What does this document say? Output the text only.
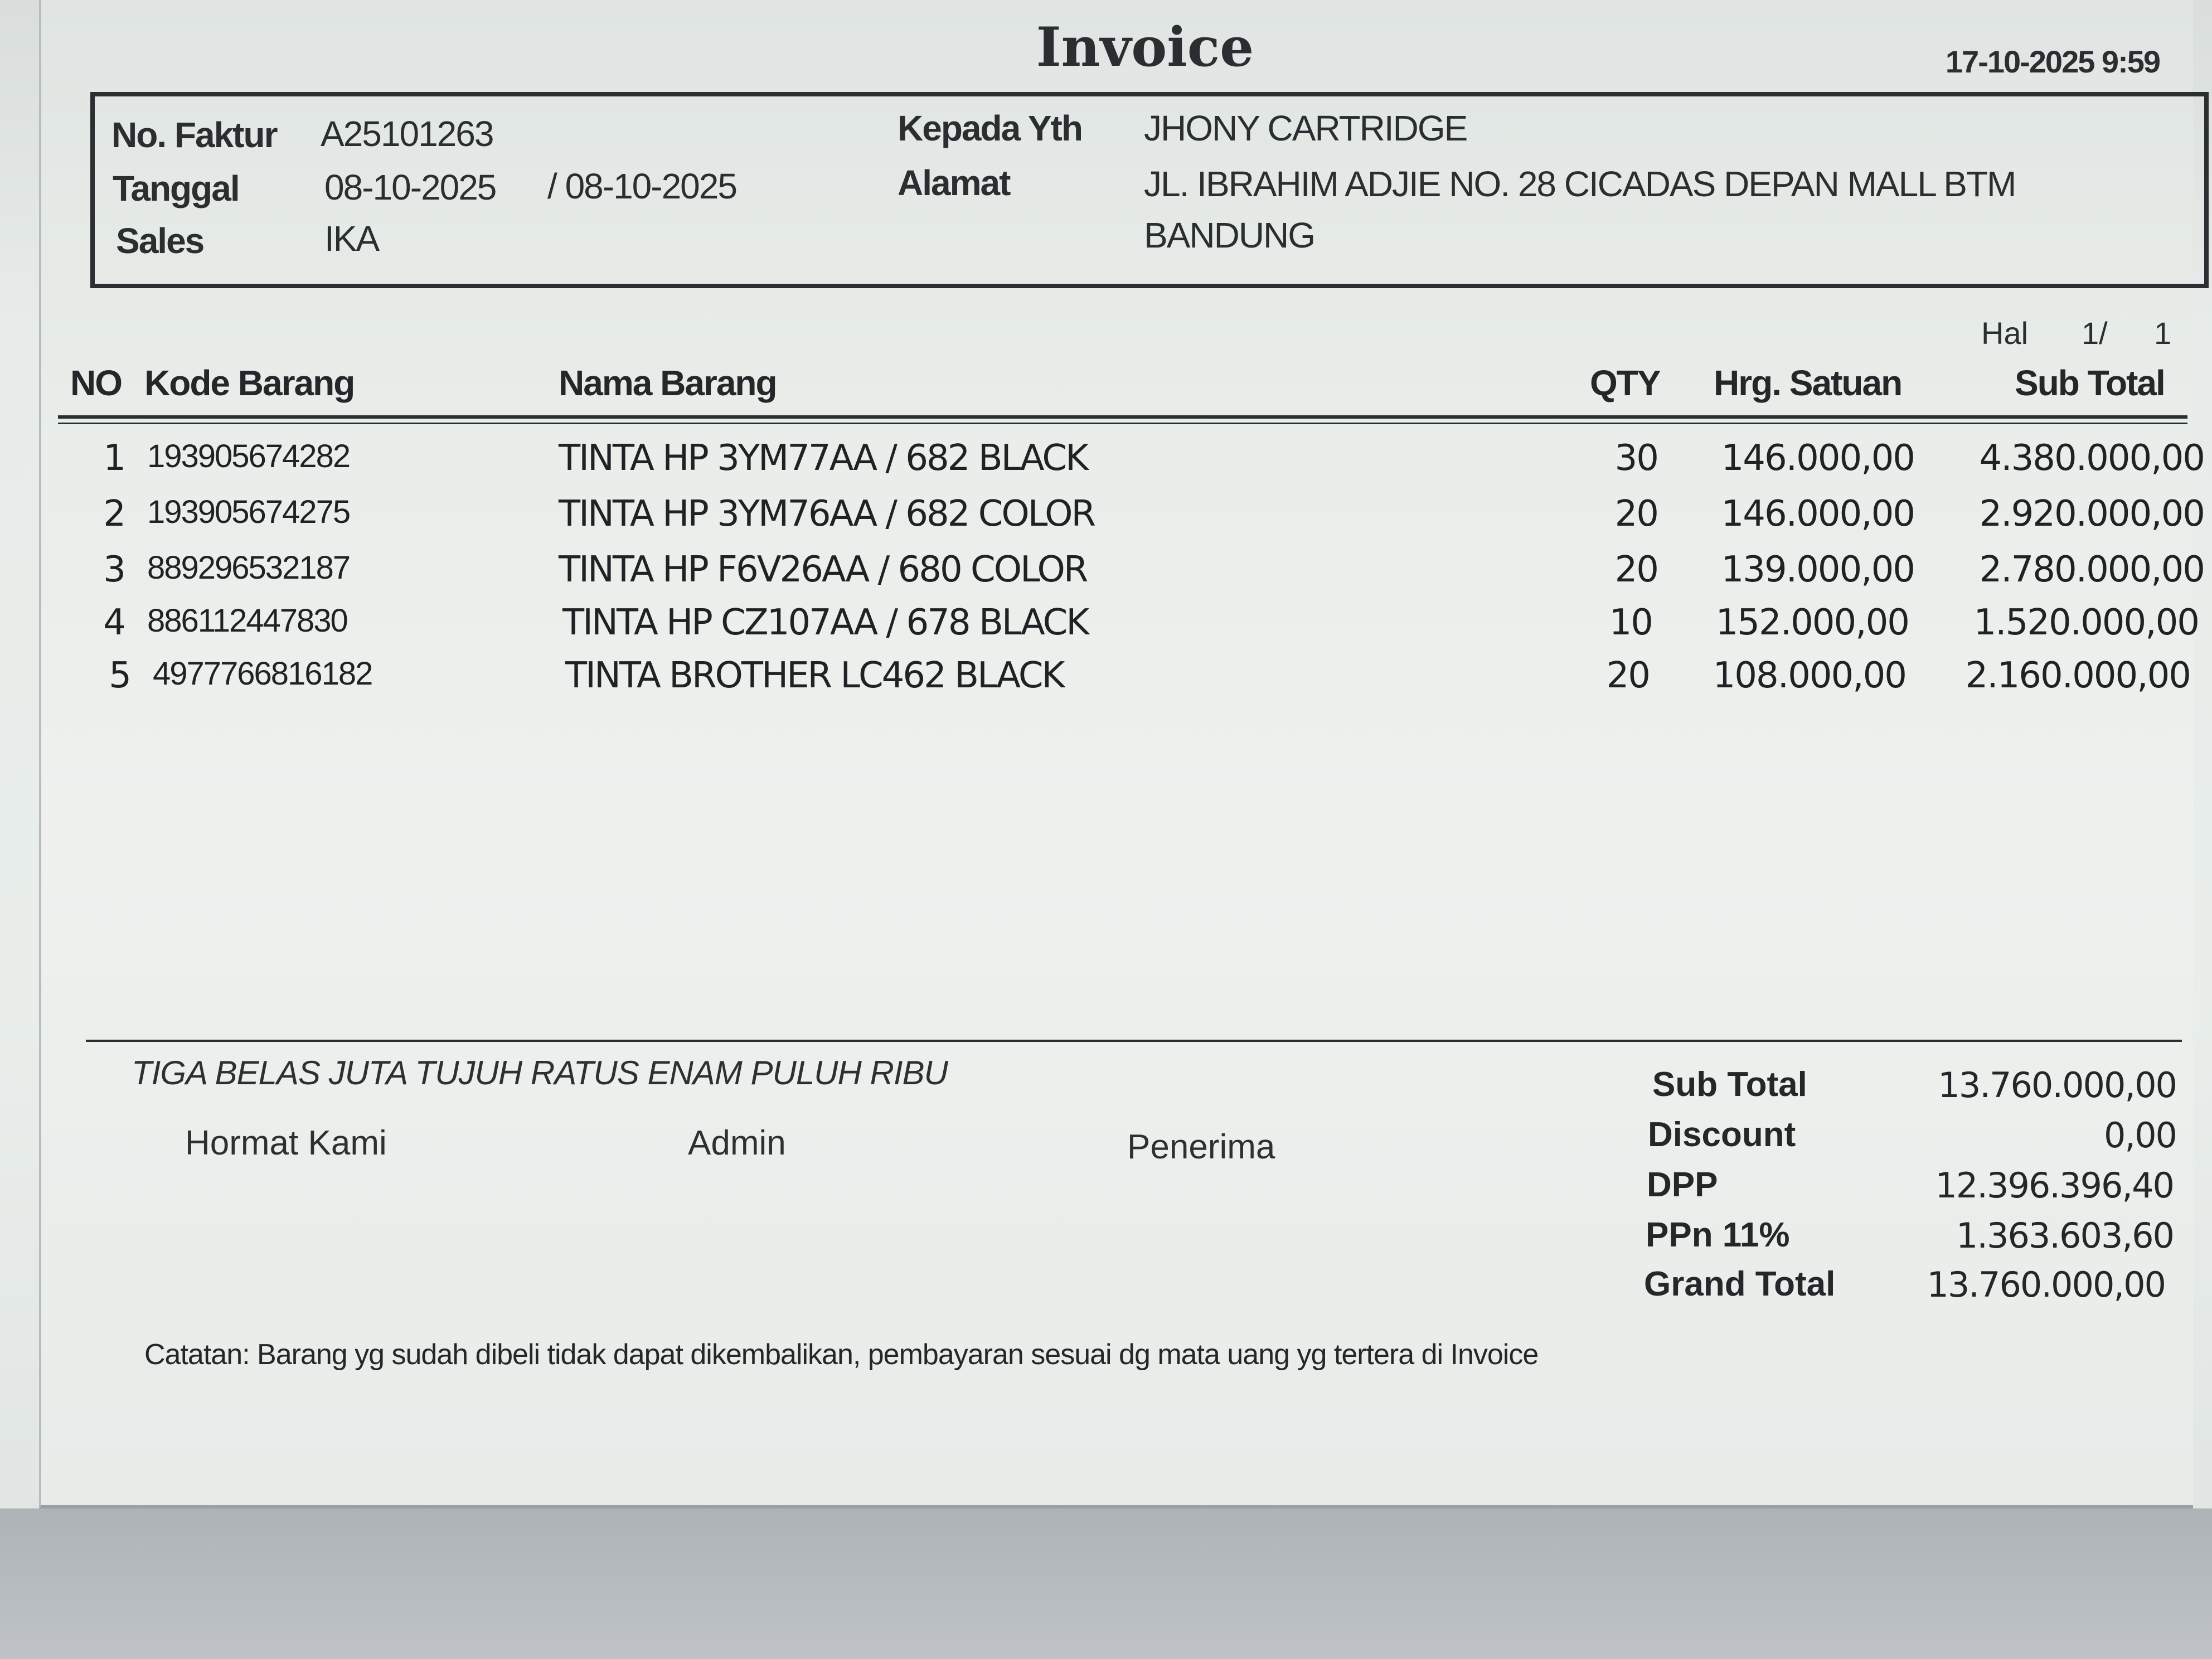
Invoice	17-10-2025 9:59
No. Faktur A25101263
Tanggal 08-10-2025 / 08-10-2025
Sales	IKA
Kepada Yth JHONY CARTRIDGE
Alamat	JL. IBRAHIM ADJIE NO. 28 CICADAS DEPAN MALL BTM
BANDUNG
Hal 1/ 1
NO Kode Barang	Nama Barang	QTY Hrg. Satuan	Sub Total
1 193905674282	TINTA HP 3YM77AA / 682 BLACK	30	146.000,00	4.380.000,00
2 193905674275	TINTA HP 3YM76AA / 682 COLOR	20	146.000,00	2.920.000,00
3 889296532187	TINTA HP F6V26AA / 680 COLOR	20	139.000,00	2.780.000,00
4 886112447830	TINTA HP CZ107AA / 678 BLACK	10	152.000,00	1.520.000,00
5 4977766816182	TINTA BROTHER LC462 BLACK	20	108.000,00	2.160.000,00
TIGA BELAS JUTA TUJUH RATUS ENAM PULUH RIBU
Hormat Kami	Admin	Penerima
Sub Total	13.760.000,00
Discount	0,00
DPP	12.396.396,40
PPn 11%	1.363.603,60
Grand Total	13.760.000,00
Catatan: Barang yg sudah dibeli tidak dapat dikembalikan, pembayaran sesuai dg mata uang yg tertera di Invoice
